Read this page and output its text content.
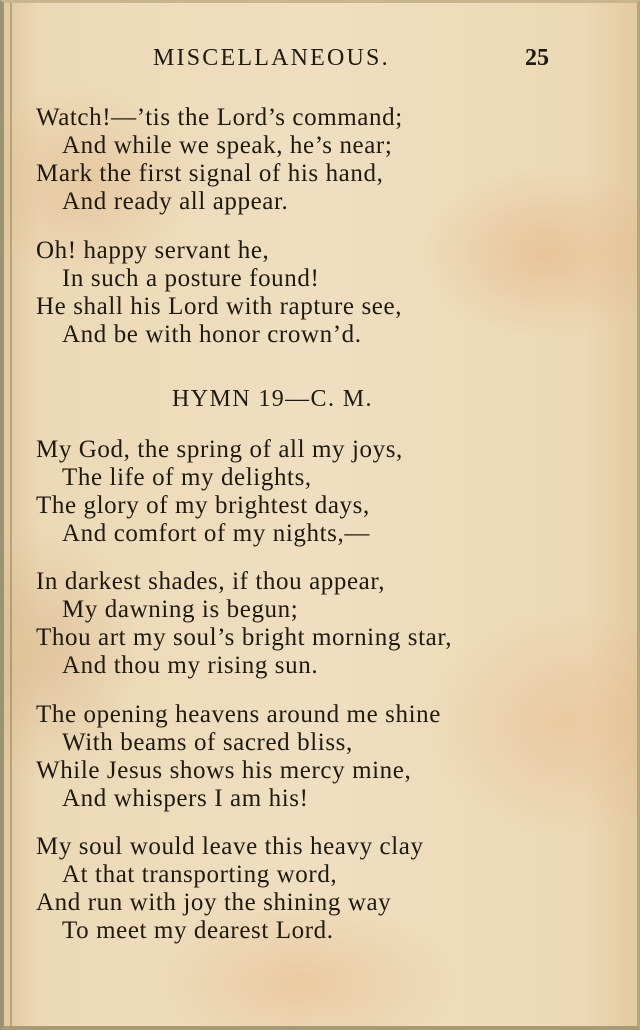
MISCELLANEOUS.	25
Watch!—’tis the Lord’s command;
And while we speak, he’s near;
Mark the first signal of his hand,
And ready all appear.
Oh! happy servant he,
In such a posture found!
He shall his Lord with rapture see,
And be with honor crown’d.
HYMN 19—C. M.
My God, the spring of all my joys,
The life of my delights,
The glory of my brightest days,
And comfort of my nights,—
In darkest shades, if thou appear,
My dawning is begun;
Thou art my soul’s bright morning star,
And thou my rising sun.
The opening heavens around me shine
With beams of sacred bliss,
While Jesus shows his mercy mine,
And whispers I am his!
My soul would leave this heavy clay
At that transporting word,
And run with joy the shining way
To meet my dearest Lord.
